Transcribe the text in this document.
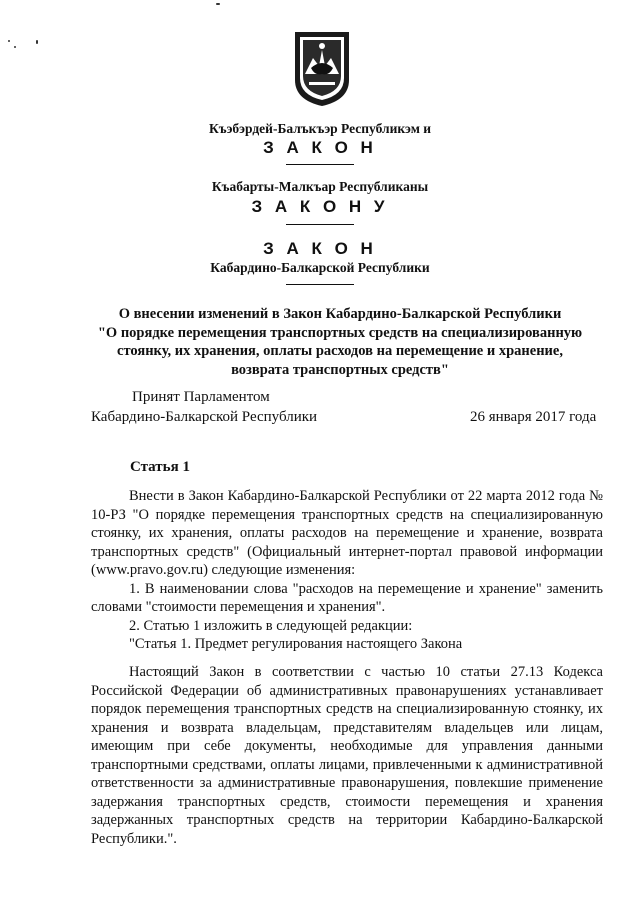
Къэбэрдей-Балъкъэр Республикэм и
З А К О Н
Къабарты-Малкъар Республиканы
З А К О Н У
З А К О Н
Кабардино-Балкарской Республики
О внесении изменений в Закон Кабардино-Балкарской Республики
"О порядке перемещения транспортных средств на специализированную
стоянку, их хранения, оплаты расходов на перемещение и хранение,
возврата транспортных средств"
Принят Парламентом
Кабардино-Балкарской Республики	26 января 2017 года
Статья 1

Внести в Закон Кабардино-Балкарской Республики от 22 марта 2012 года № 10-РЗ "О порядке перемещения транспортных средств на специализированную стоянку, их хранения, оплаты расходов на перемещение и хранение, возврата транспортных средств" (Официальный интернет-портал правовой информации (www.pravo.gov.ru) следующие изменения:

1. В наименовании слова "расходов на перемещение и хранение" заменить словами "стоимости перемещения и хранения".

2. Статью 1 изложить в следующей редакции:

"Статья 1. Предмет регулирования настоящего Закона

Настоящий Закон в соответствии с частью 10 статьи 27.13 Кодекса Российской Федерации об административных правонарушениях устанавливает порядок перемещения транспортных средств на специализированную стоянку, их хранения и возврата владельцам, представителям владельцев или лицам, имеющим при себе документы, необходимые для управления данными транспортными средствами, оплаты лицами, привлеченными к административной ответственности за административные правонарушения, повлекшие применение задержания транспортных средств, стоимости перемещения и хранения задержанных транспортных средств на территории Кабардино-Балкарской Республики.".
